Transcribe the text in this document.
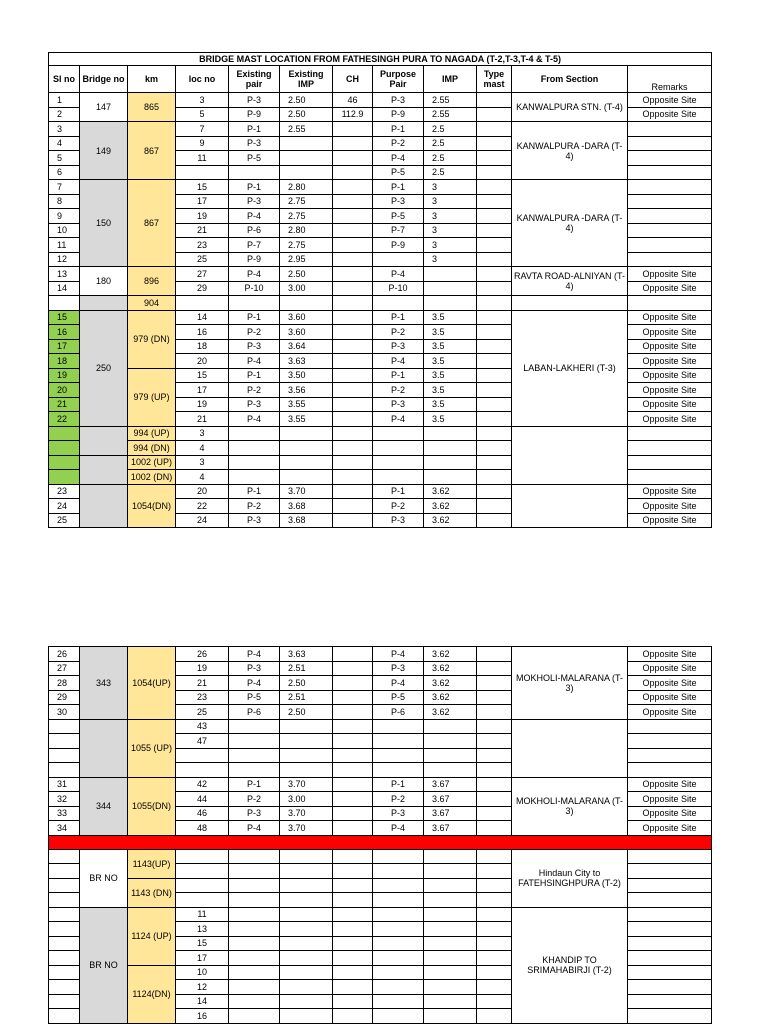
BRIDGE MAST LOCATION FROM FATHESINGH PURA TO NAGADA (T-2,T-3,T-4 & T-5)											
Sl no	Bridge no	km	loc no	Existing pair	Existing IMP	CH	Purpose Pair	IMP	Type mast	From Section	Remarks
1	147	865	3	P-3	2.50	46	P-3	2.55		KANWALPURA STN. (T-4)	Opposite Site
2			5	P-9	2.50	112.9	P-9	2.55			Opposite Site
3	149	867	7	P-1	2.55		P-1	2.5		KANWALPURA -DARA (T-4)	
4			9	P-3			P-2	2.5			
5			11	P-5			P-4	2.5			
6							P-5	2.5			
7	150	867	15	P-1	2.80		P-1	3		KANWALPURA -DARA (T-4)	
8			17	P-3	2.75		P-3	3			
9			19	P-4	2.75		P-5	3			
10			21	P-6	2.80		P-7	3			
11			23	P-7	2.75		P-9	3			
12			25	P-9	2.95			3			
13	180	896	27	P-4	2.50		P-4			RAVTA ROAD-ALNIYAN (T-4)	Opposite Site
14			29	P-10	3.00		P-10				Opposite Site
		904									
15	250	979 (DN)	14	P-1	3.60		P-1	3.5		LABAN-LAKHERI (T-3)	Opposite Site
16			16	P-2	3.60		P-2	3.5			Opposite Site
17			18	P-3	3.64		P-3	3.5			Opposite Site
18			20	P-4	3.63		P-4	3.5			Opposite Site
19		979 (UP)	15	P-1	3.50		P-1	3.5			Opposite Site
20			17	P-2	3.56		P-2	3.5			Opposite Site
21			19	P-3	3.55		P-3	3.5			Opposite Site
22			21	P-4	3.55		P-4	3.5			Opposite Site
		994 (UP)	3								
		994 (DN)	4								
		1002 (UP)	3								
		1002 (DN)	4								
23		1054(DN)	20	P-1	3.70		P-1	3.62			Opposite Site
24			22	P-2	3.68		P-2	3.62			Opposite Site
25			24	P-3	3.68		P-3	3.62			Opposite Site
26	343	1054(UP)	26	P-4	3.63		P-4	3.62		MOKHOLI-MALARANA (T-3)	Opposite Site
27			19	P-3	2.51		P-3	3.62			Opposite Site
28			21	P-4	2.50		P-4	3.62			Opposite Site
29			23	P-5	2.51		P-5	3.62			Opposite Site
30			25	P-6	2.50		P-6	3.62			Opposite Site
		1055 (UP)	43								
			47								

31	344	1055(DN)	42	P-1	3.70		P-1	3.67		MOKHOLI-MALARANA (T-3)	Opposite Site
32			44	P-2	3.00		P-2	3.67			Opposite Site
33			46	P-3	3.70		P-3	3.67			Opposite Site
34			48	P-4	3.70		P-4	3.67			Opposite Site

	BR NO	1143(UP)								Hindaun City to FATEHSINGHPURA (T-2)	

		1143 (DN)									

	BR NO	1124 (UP)	11							KHANDIP TO SRIMAHABIRJI (T-2)	
			13								
			15								
			17								
		1124(DN)	10								
			12								
			14								
			16								
